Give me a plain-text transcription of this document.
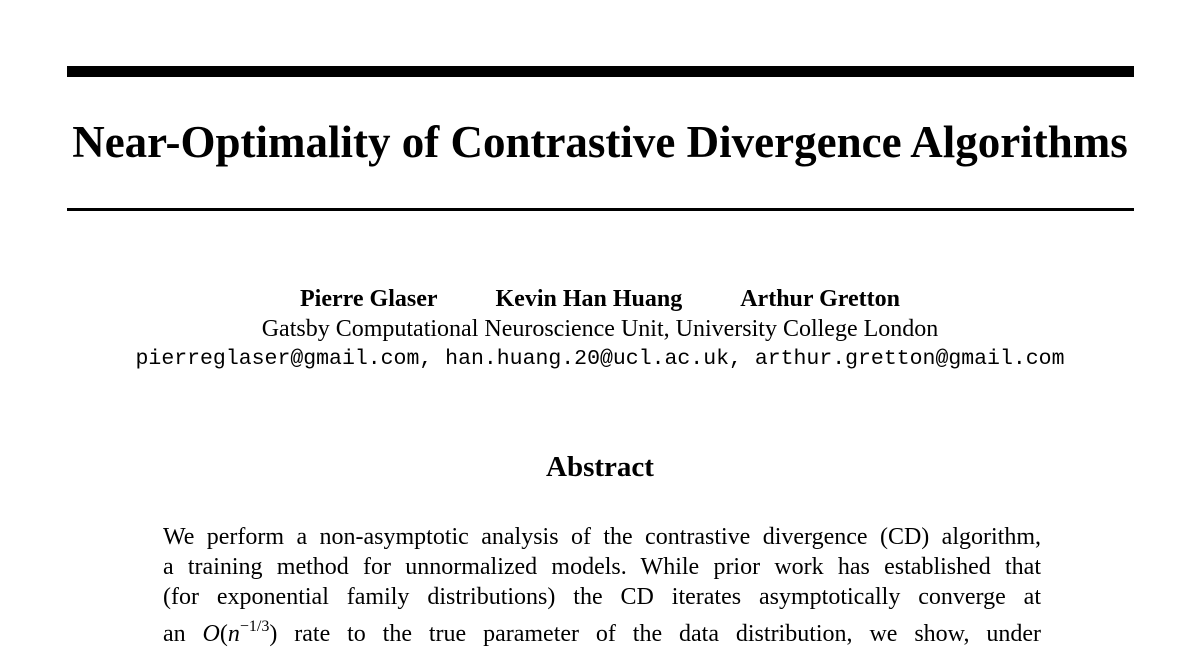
Near-Optimality of Contrastive Divergence Algorithms
Pierre Glaser Kevin Han Huang Arthur Gretton
Gatsby Computational Neuroscience Unit, University College London
pierreglaser@gmail.com, han.huang.20@ucl.ac.uk, arthur.gretton@gmail.com
Abstract
We perform a non-asymptotic analysis of the contrastive divergence (CD) algorithm,
a training method for unnormalized models. While prior work has established that
(for exponential family distributions) the CD iterates asymptotically converge at
an $O(n^{-1/3})$ rate to the true parameter of the data distribution, we show, under
